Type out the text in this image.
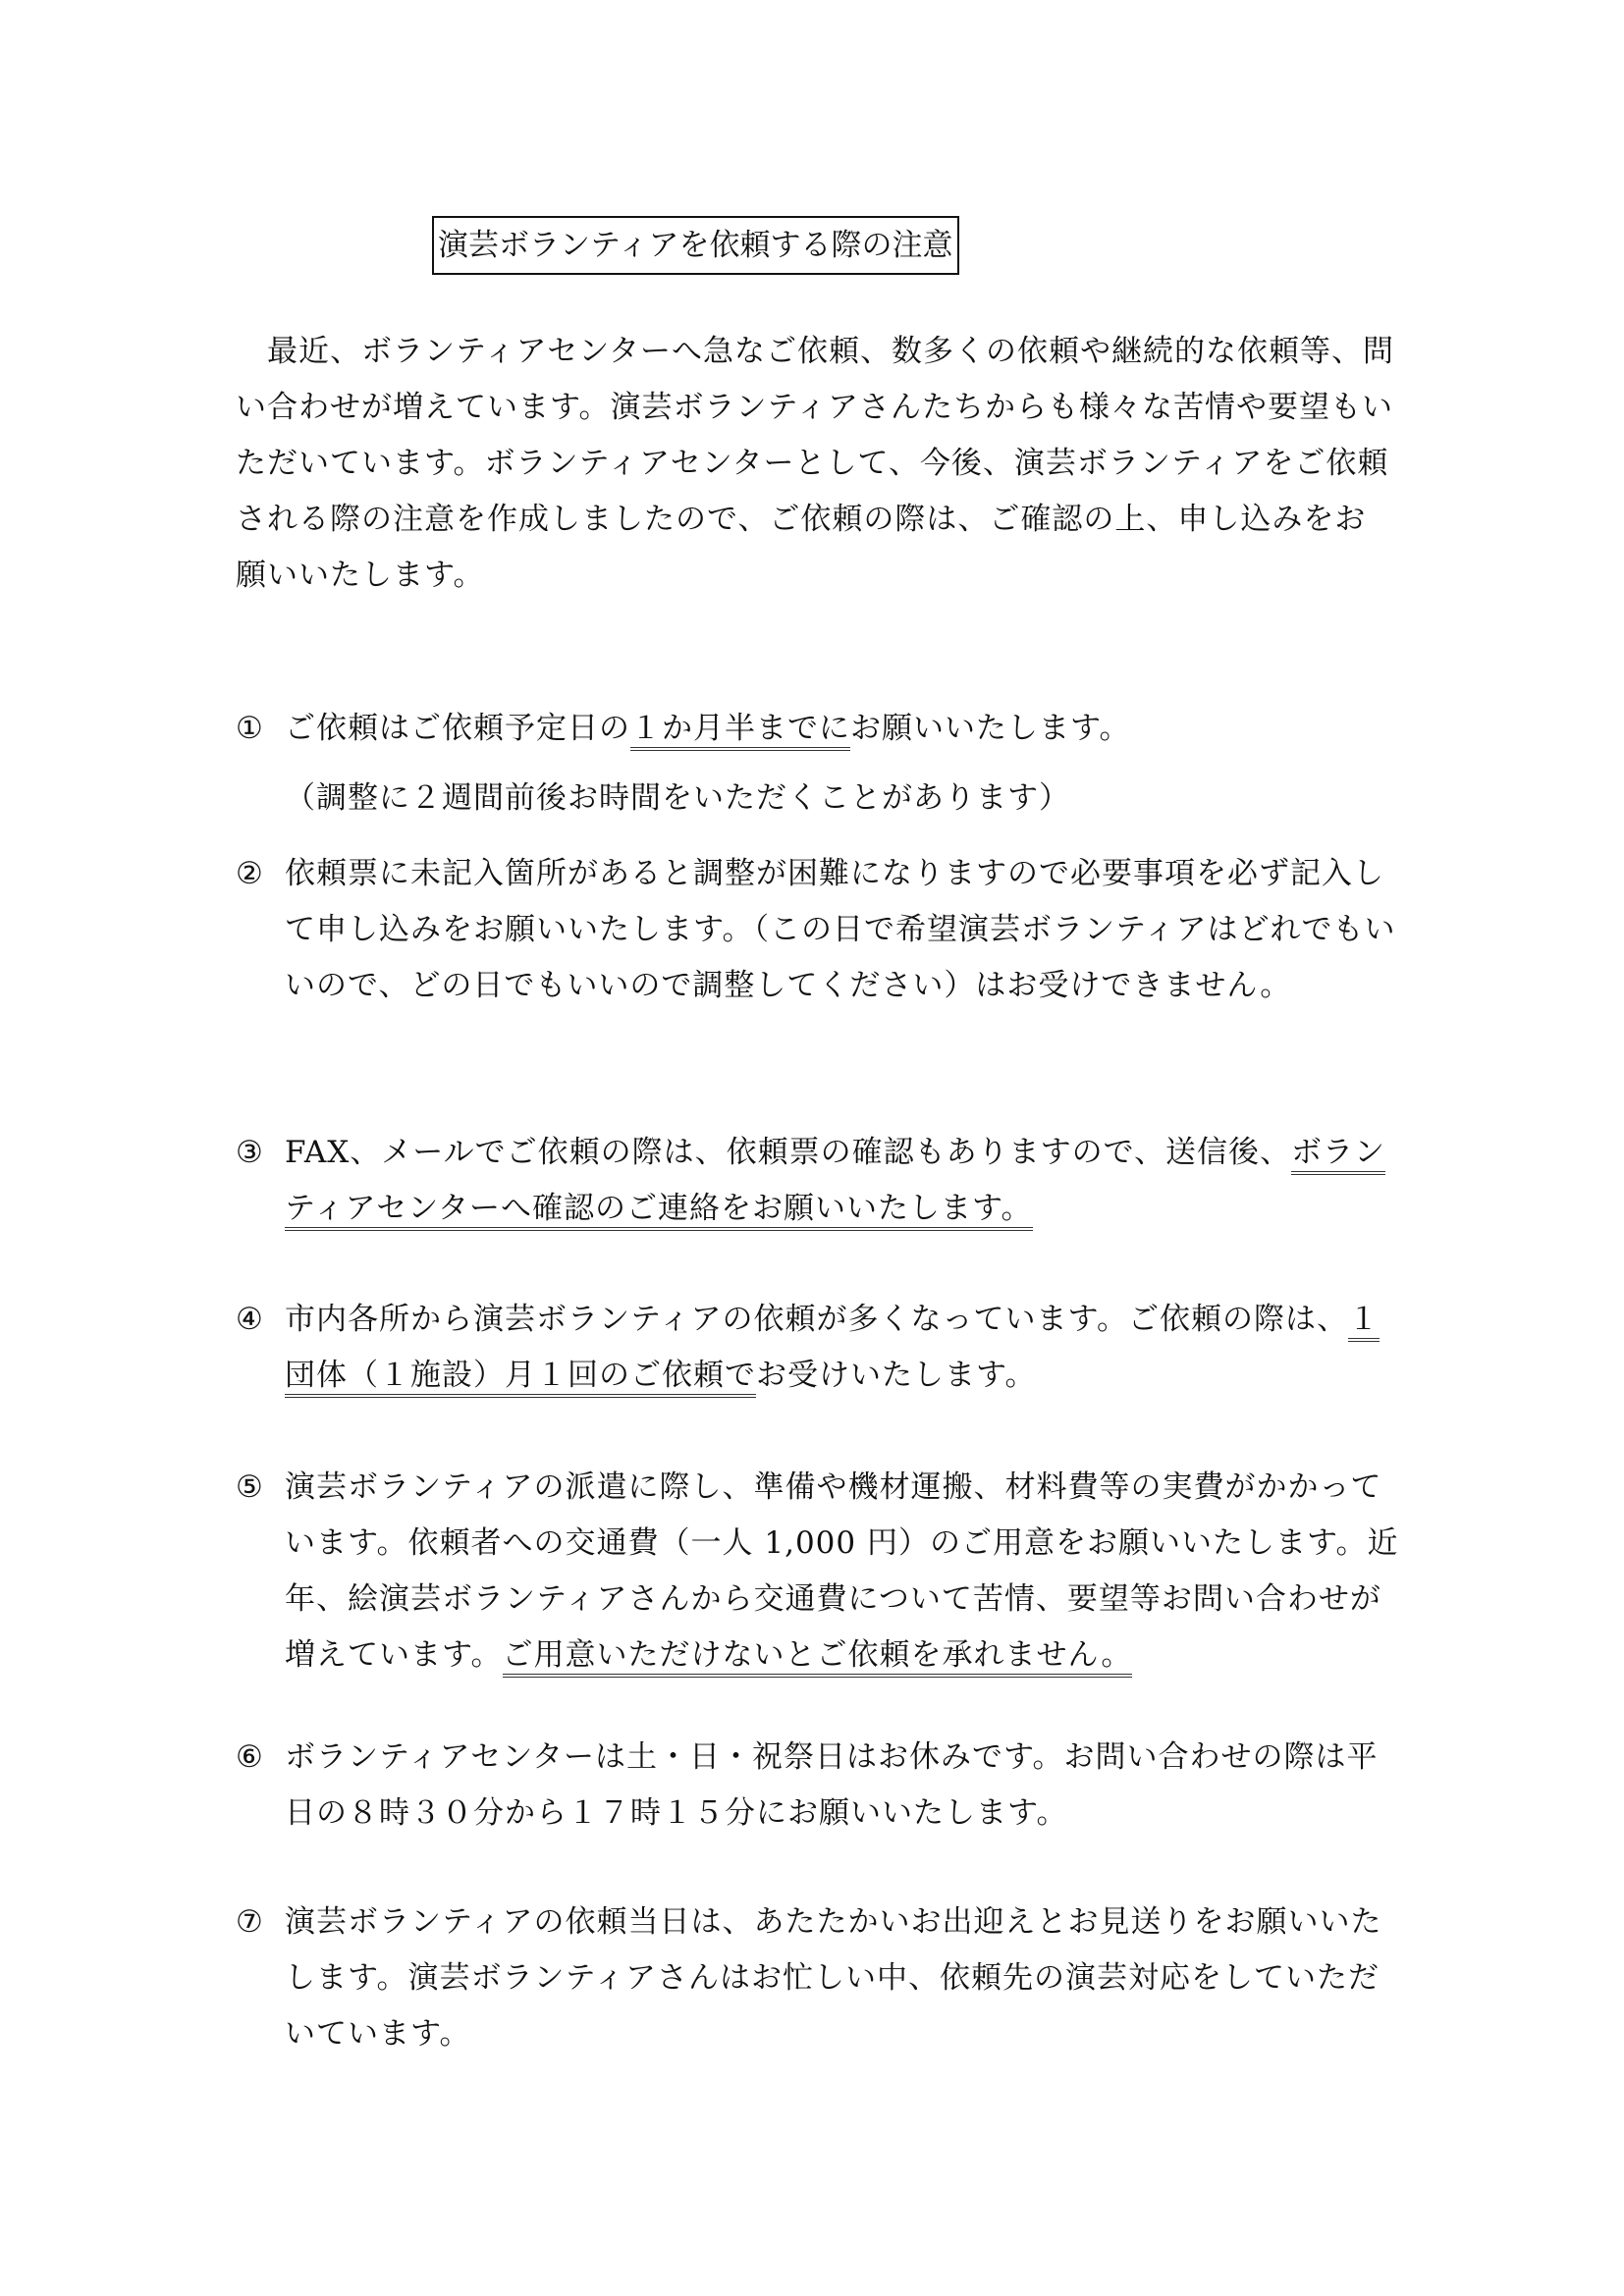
演芸ボランティアを依頼する際の注意
　最近、ボランティアセンターへ急なご依頼、数多くの依頼や継続的な依頼等、問い合わせが増えています。演芸ボランティアさんたちからも様々な苦情や要望もいただいています。ボランティアセンターとして、今後、演芸ボランティアをご依頼される際の注意を作成しましたので、ご依頼の際は、ご確認の上、申し込みをお願いいたします。
① ご依頼はご依頼予定日の１か月半までにお願いいたします。
（調整に２週間前後お時間をいただくことがあります）
② 依頼票に未記入箇所があると調整が困難になりますので必要事項を必ず記入して申し込みをお願いいたします。（この日で希望演芸ボランティアはどれでもいいので、どの日でもいいので調整してください）はお受けできません。
③ FAX、メールでご依頼の際は、依頼票の確認もありますので、送信後、ボランティアセンターへ確認のご連絡をお願いいたします。
④ 市内各所から演芸ボランティアの依頼が多くなっています。ご依頼の際は、１団体（１施設）月１回のご依頼でお受けいたします。
⑤ 演芸ボランティアの派遣に際し、準備や機材運搬、材料費等の実費がかかっています。依頼者への交通費（一人 1,000 円）のご用意をお願いいたします。近年、絵演芸ボランティアさんから交通費について苦情、要望等お問い合わせが増えています。ご用意いただけないとご依頼を承れません。
⑥ ボランティアセンターは土・日・祝祭日はお休みです。お問い合わせの際は平日の８時３０分から１７時１５分にお願いいたします。
⑦ 演芸ボランティアの依頼当日は、あたたかいお出迎えとお見送りをお願いいたします。演芸ボランティアさんはお忙しい中、依頼先の演芸対応をしていただいています。
